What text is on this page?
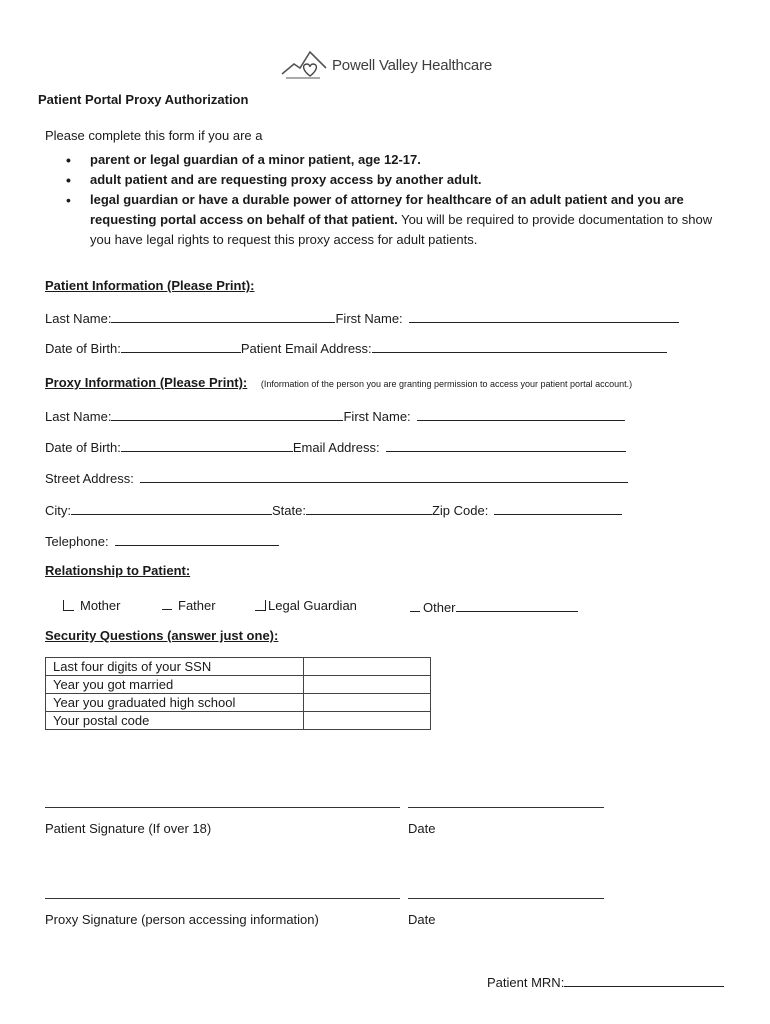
Powell Valley Healthcare
Patient Portal Proxy Authorization
Please complete this form if you are a
• parent or legal guardian of a minor patient, age 12-17.
• adult patient and are requesting proxy access by another adult.
• legal guardian or have a durable power of attorney for healthcare of an adult patient and you are requesting portal access on behalf of that patient. You will be required to provide documentation to show you have legal rights to request this proxy access for adult patients.
Patient Information (Please Print):
Last Name:	First Name:
Date of Birth:	Patient Email Address:
Proxy Information (Please Print): (Information of the person you are granting permission to access your patient portal account.)
Last Name:	First Name:
Date of Birth:	Email Address:
Street Address:
City:	State:	Zip Code:
Telephone:
Relationship to Patient:
Mother	Father	Legal Guardian	Other
Security Questions (answer just one):
Last four digits of your SSN	
Year you got married	
Year you graduated high school	
Your postal code	
Patient Signature (If over 18)	Date
Proxy Signature (person accessing information)	Date
Patient MRN:
